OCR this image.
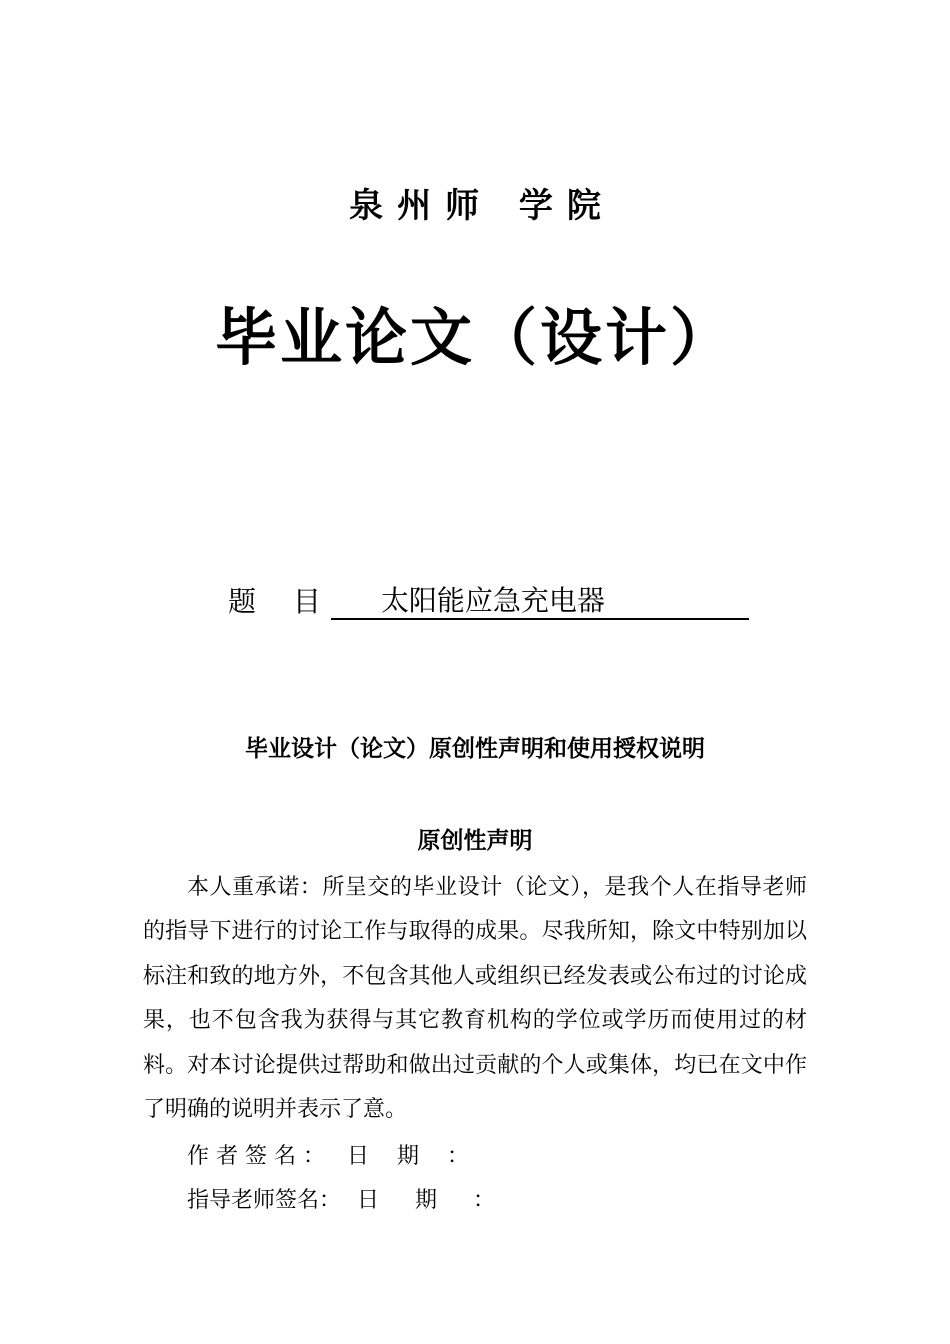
泉州师 学院
毕业论文（设计）
题 目	太阳能应急充电器
毕业设计（论文）原创性声明和使用授权说明
原创性声明

本人重承诺：所呈交的毕业设计（论文），是我个人在指导老师的指导下进行的讨论工作与取得的成果。尽我所知，除文中特别加以标注和致的地方外，不包含其他人或组织已经发表或公布过的讨论成果，也不包含我为获得与其它教育机构的学位或学历而使用过的材料。对本讨论提供过帮助和做出过贡献的个人或集体，均已在文中作了明确的说明并表示了意。

作者签名： 日期：
指导老师签名： 日期：
